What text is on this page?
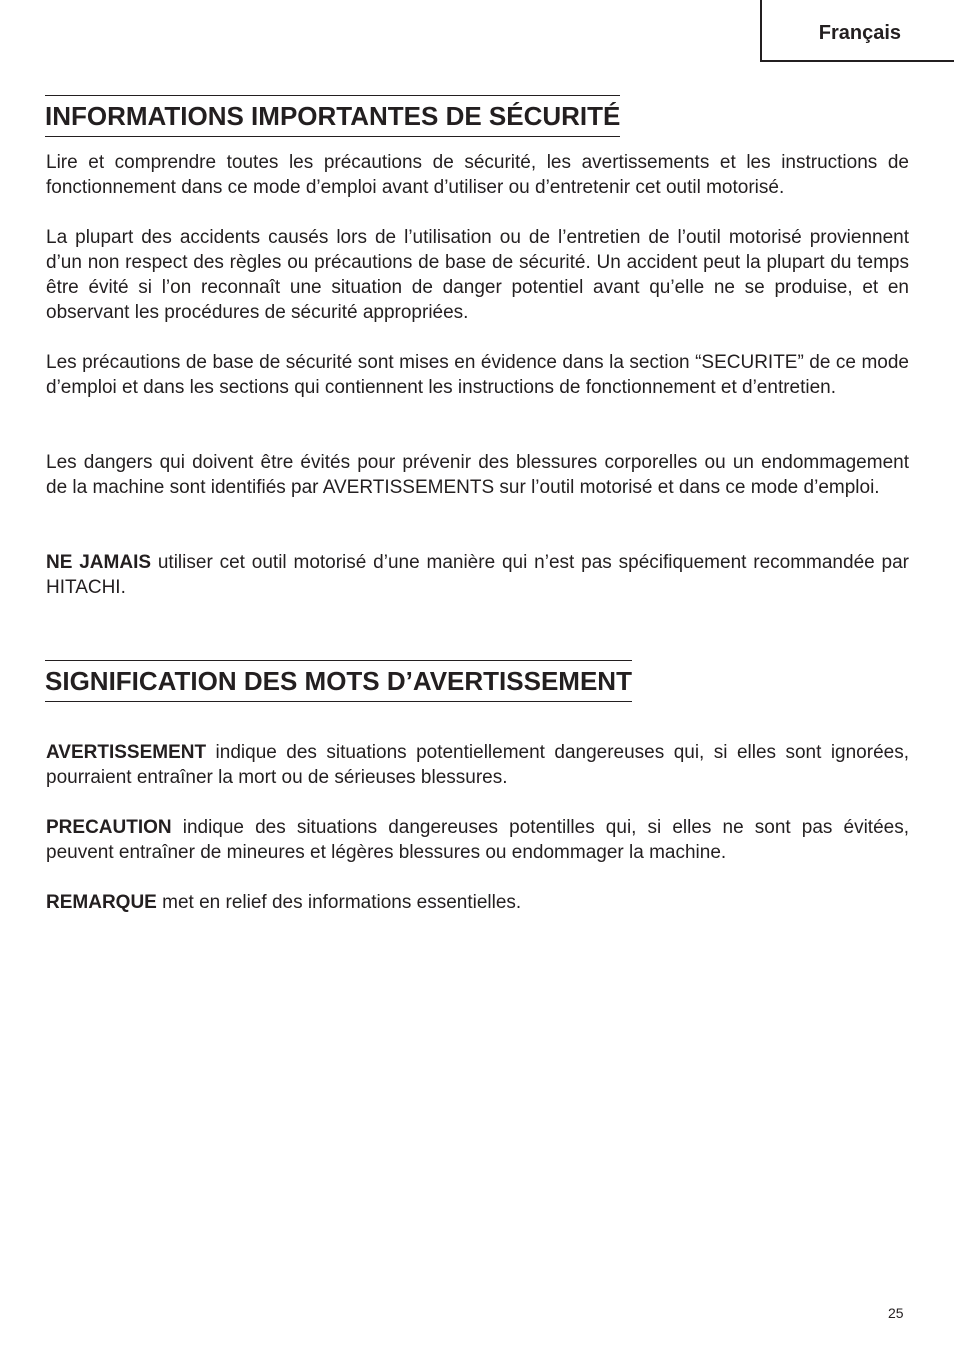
Français
INFORMATIONS IMPORTANTES DE SÉCURITÉ

Lire et comprendre toutes les précautions de sécurité, les avertissements et les instructions de fonctionnement dans ce mode d’emploi avant d’utiliser ou d’entretenir cet outil motorisé.

La plupart des accidents causés lors de l’utilisation ou de l’entretien de l’outil motorisé proviennent d’un non respect des règles ou précautions de base de sécurité. Un accident peut la plupart du temps être évité si l’on reconnaît une situation de danger potentiel avant qu’elle ne se produise, et en observant les procédures de sécurité appropriées.

Les précautions de base de sécurité sont mises en évidence dans la section “SECURITE” de ce mode d’emploi et dans les sections qui contiennent les instructions de fonctionnement et d’entretien.

Les dangers qui doivent être évités pour prévenir des blessures corporelles ou un endommagement de la machine sont identifiés par AVERTISSEMENTS sur l’outil motorisé et dans ce mode d’emploi.

NE JAMAIS utiliser cet outil motorisé d’une manière qui n’est pas spécifiquement recommandée par HITACHI.

SIGNIFICATION DES MOTS D’AVERTISSEMENT

AVERTISSEMENT indique des situations potentiellement dangereuses qui, si elles sont ignorées, pourraient entraîner la mort ou de sérieuses blessures.

PRECAUTION indique des situations dangereuses potentilles qui, si elles ne sont pas évitées, peuvent entraîner de mineures et légères blessures ou endommager la machine.

REMARQUE met en relief des informations essentielles.

25
